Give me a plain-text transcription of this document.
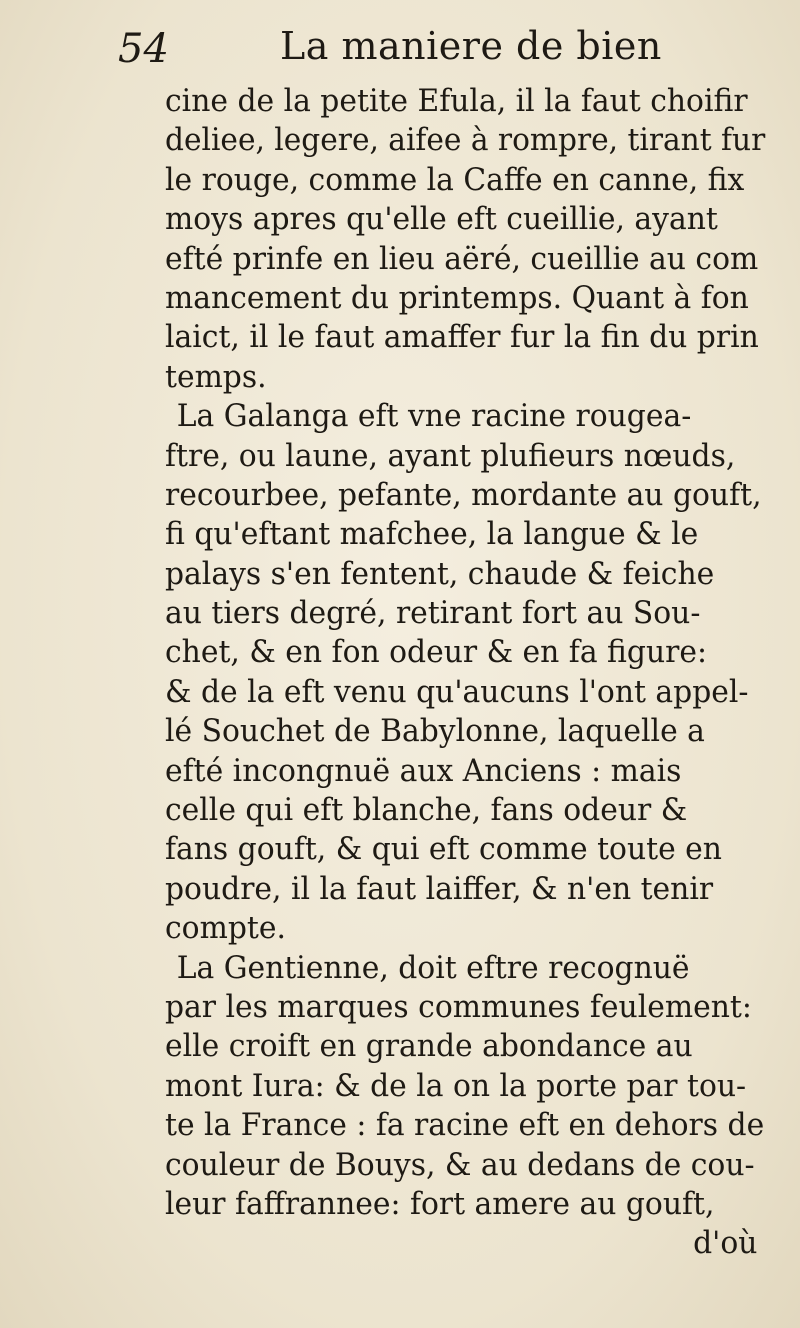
54	La maniere de bien
cine de la petite Efula, il la faut choifir
deliee, legere, aifee à rompre, tirant fur
le rouge, comme la Caffe en canne, fix
moys apres qu'elle eft cueillie, ayant
efté prinfe en lieu aëré, cueillie au com
mancement du printemps. Quant à fon
laict, il le faut amaffer fur la fin du prin
temps.
La Galanga eft vne racine rougea-
ftre, ou laune, ayant plufieurs nœuds,
recourbee, pefante, mordante au gouft,
fi qu'eftant mafchee, la langue & le
palays s'en fentent, chaude & feiche
au tiers degré, retirant fort au Sou-
chet, & en fon odeur & en fa figure:
& de la eft venu qu'aucuns l'ont appel-
lé Souchet de Babylonne, laquelle a
efté incongnuë aux Anciens : mais
celle qui eft blanche, fans odeur &
fans gouft, & qui eft comme toute en
poudre, il la faut laiffer, & n'en tenir
compte.
La Gentienne, doit eftre recognuë
par les marques communes feulement:
elle croift en grande abondance au
mont Iura: & de la on la porte par tou-
te la France : fa racine eft en dehors de
couleur de Bouys, & au dedans de cou-
leur faffrannee: fort amere au gouft,
d'où
